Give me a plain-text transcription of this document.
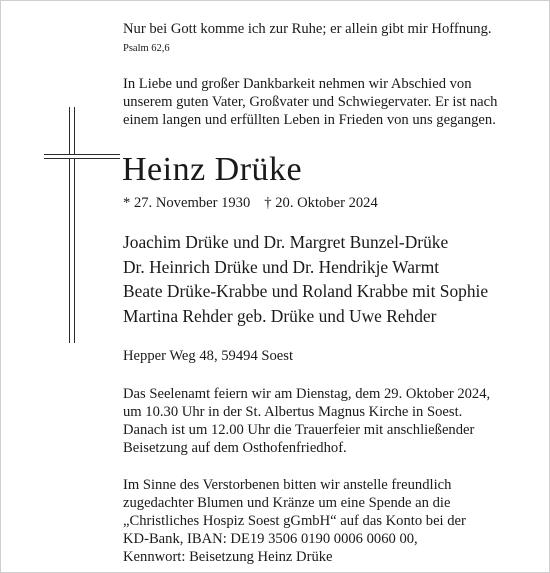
Nur bei Gott komme ich zur Ruhe; er allein gibt mir Hoffnung.

Psalm 62,6

In Liebe und großer Dankbarkeit nehmen wir Abschied von

unserem guten Vater, Großvater und Schwiegervater. Er ist nach

einem langen und erfüllten Leben in Frieden von uns gegangen.

Heinz Drüke
* 27. November 1930 † 20. Oktober 2024
Joachim Drüke und Dr. Margret Bunzel-Drüke
Dr. Heinrich Drüke und Dr. Hendrikje Warmt
Beate Drüke-Krabbe und Roland Krabbe mit Sophie
Martina Rehder geb. Drüke und Uwe Rehder

Hepper Weg 48, 59494 Soest

Das Seelenamt feiern wir am Dienstag, dem 29. Oktober 2024,

um 10.30 Uhr in der St. Albertus Magnus Kirche in Soest.

Danach ist um 12.00 Uhr die Trauerfeier mit anschließender

Beisetzung auf dem Osthofenfriedhof.

Im Sinne des Verstorbenen bitten wir anstelle freundlich

zugedachter Blumen und Kränze um eine Spende an die

„Christliches Hospiz Soest gGmbH“ auf das Konto bei der

KD-Bank, IBAN: DE19 3506 0190 0006 0060 00,

Kennwort: Beisetzung Heinz Drüke
